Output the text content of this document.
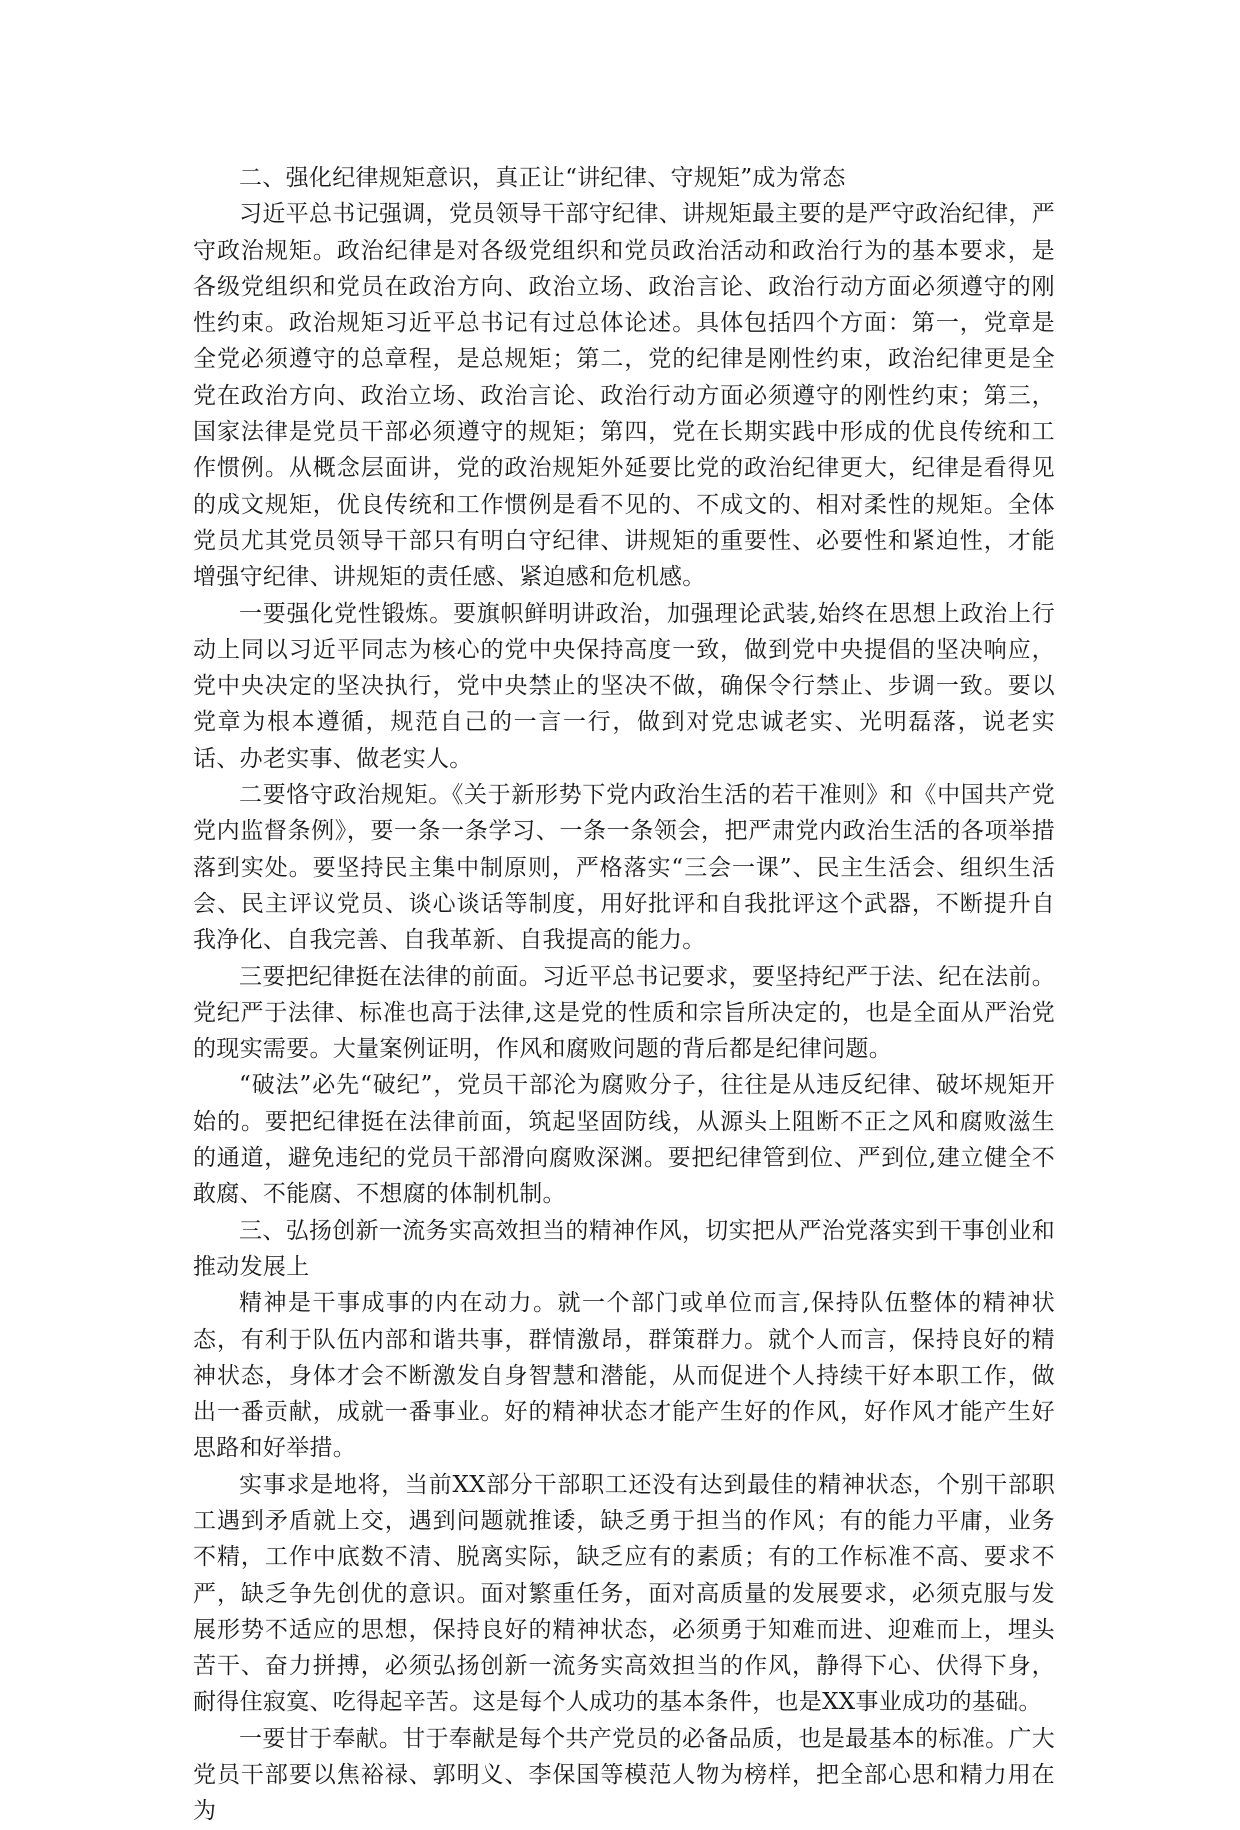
二、强化纪律规矩意识，真正让“讲纪律、守规矩”成为常态

习近平总书记强调，党员领导干部守纪律、讲规矩最主要的是严守政治纪律，严守政治规矩。政治纪律是对各级党组织和党员政治活动和政治行为的基本要求，是各级党组织和党员在政治方向、政治立场、政治言论、政治行动方面必须遵守的刚性约束。政治规矩习近平总书记有过总体论述。具体包括四个方面：第一，党章是全党必须遵守的总章程，是总规矩；第二，党的纪律是刚性约束，政治纪律更是全党在政治方向、政治立场、政治言论、政治行动方面必须遵守的刚性约束；第三，国家法律是党员干部必须遵守的规矩；第四，党在长期实践中形成的优良传统和工作惯例。从概念层面讲，党的政治规矩外延要比党的政治纪律更大，纪律是看得见的成文规矩，优良传统和工作惯例是看不见的、不成文的、相对柔性的规矩。全体党员尤其党员领导干部只有明白守纪律、讲规矩的重要性、必要性和紧迫性，才能增强守纪律、讲规矩的责任感、紧迫感和危机感。

一要强化党性锻炼。要旗帜鲜明讲政治，加强理论武装,始终在思想上政治上行动上同以习近平同志为核心的党中央保持高度一致，做到党中央提倡的坚决响应，党中央决定的坚决执行，党中央禁止的坚决不做，确保令行禁止、步调一致。要以党章为根本遵循，规范自己的一言一行，做到对党忠诚老实、光明磊落，说老实话、办老实事、做老实人。

二要恪守政治规矩。《关于新形势下党内政治生活的若干准则》和《中国共产党党内监督条例》，要一条一条学习、一条一条领会，把严肃党内政治生活的各项举措落到实处。要坚持民主集中制原则，严格落实“三会一课”、民主生活会、组织生活会、民主评议党员、谈心谈话等制度，用好批评和自我批评这个武器，不断提升自我净化、自我完善、自我革新、自我提高的能力。

三要把纪律挺在法律的前面。习近平总书记要求，要坚持纪严于法、纪在法前。党纪严于法律、标准也高于法律,这是党的性质和宗旨所决定的，也是全面从严治党的现实需要。大量案例证明，作风和腐败问题的背后都是纪律问题。

“破法”必先“破纪”，党员干部沦为腐败分子，往往是从违反纪律、破坏规矩开始的。要把纪律挺在法律前面，筑起坚固防线，从源头上阻断不正之风和腐败滋生的通道，避免违纪的党员干部滑向腐败深渊。要把纪律管到位、严到位,建立健全不敢腐、不能腐、不想腐的体制机制。

三、弘扬创新一流务实高效担当的精神作风，切实把从严治党落实到干事创业和推动发展上

精神是干事成事的内在动力。就一个部门或单位而言,保持队伍整体的精神状态，有利于队伍内部和谐共事，群情激昂，群策群力。就个人而言，保持良好的精神状态，身体才会不断激发自身智慧和潜能，从而促进个人持续干好本职工作，做出一番贡献，成就一番事业。好的精神状态才能产生好的作风，好作风才能产生好思路和好举措。

实事求是地将，当前XX部分干部职工还没有达到最佳的精神状态，个别干部职工遇到矛盾就上交，遇到问题就推诿，缺乏勇于担当的作风；有的能力平庸，业务不精，工作中底数不清、脱离实际，缺乏应有的素质；有的工作标准不高、要求不严，缺乏争先创优的意识。面对繁重任务，面对高质量的发展要求，必须克服与发展形势不适应的思想，保持良好的精神状态，必须勇于知难而进、迎难而上，埋头苦干、奋力拼搏，必须弘扬创新一流务实高效担当的作风，静得下心、伏得下身，耐得住寂寞、吃得起辛苦。这是每个人成功的基本条件，也是XX事业成功的基础。

一要甘于奉献。甘于奉献是每个共产党员的必备品质，也是最基本的标准。广大党员干部要以焦裕禄、郭明义、李保国等模范人物为榜样，把全部心思和精力用在为
